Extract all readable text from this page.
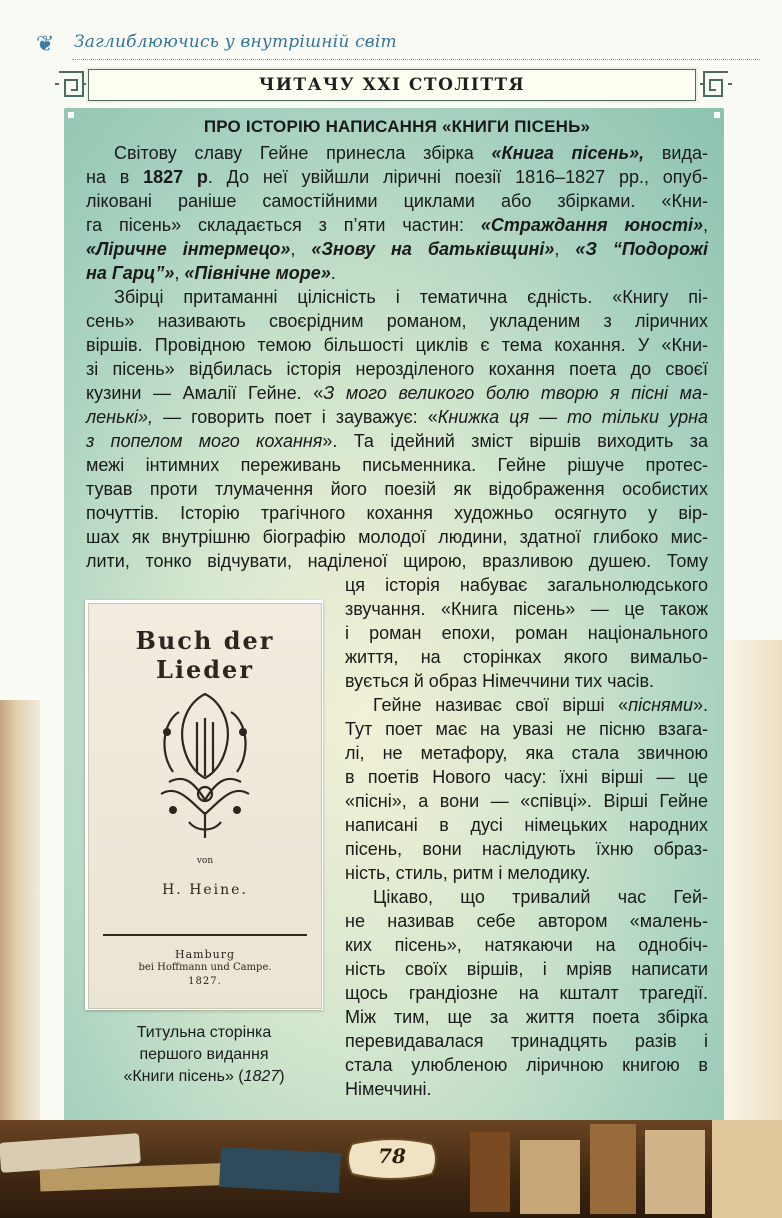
❦ Заглиблюючись у внутрішній світ
ЧИТАЧУ ХХІ СТОЛІТТЯ
ПРО ІСТОРІЮ НАПИСАННЯ «КНИГИ ПІСЕНЬ»
Світову славу Гейне принесла збірка «Книга пісень», вида-
на в 1827 р. До неї увійшли ліричні поезії 1816–1827 рр., опуб-
ліковані раніше самостійними циклами або збірками. «Кни-
га пісень» складається з п’яти частин: «Страждання юності»,
«Ліричне інтермецо», «Знову на батьківщині», «З “Подорожі
на Гарц”», «Північне море».
Збірці притаманні цілісність і тематична єдність. «Книгу пі-
сень» називають своєрідним романом, укладеним з ліричних
віршів. Провідною темою більшості циклів є тема кохання. У «Кни-
зі пісень» відбилась історія нерозділеного кохання поета до своєї
кузини — Амалії Гейне. «З мого великого болю творю я пісні ма-
ленькі», — говорить поет і зауважує: «Книжка ця — то тільки урна
з попелом мого кохання». Та ідейний зміст віршів виходить за
межі інтимних переживань письменника. Гейне рішуче протес-
тував проти тлумачення його поезій як відображення особистих
почуттів. Історію трагічного кохання художньо осягнуто у вір-
шах як внутрішню біографію молодої людини, здатної глибоко мис-
лити, тонко відчувати, наділеної щирою, вразливою душею. Тому
ця історія набуває загальнолюдського
звучання. «Книга пісень» — це також
і роман епохи, роман національного
життя, на сторінках якого вимальо-
вується й образ Німеччини тих часів.
Гейне називає свої вірші «піснями».
Тут поет має на увазі не пісню взага-
лі, не метафору, яка стала звичною
в поетів Нового часу: їхні вірші — це
«пісні», а вони — «співці». Вірші Гейне
написані в дусі німецьких народних
пісень, вони наслідують їхню образ-
ність, стиль, ритм і мелодику.
Цікаво, що тривалий час Гей-
не називав себе автором «малень-
ких пісень», натякаючи на однобіч-
ність своїх віршів, і мріяв написати
щось грандіозне на кшталт трагедії.
Між тим, ще за життя поета збірка
перевидавалася тринадцять разів і
стала улюбленою ліричною книгою в
Німеччині.
Buch der Lieder
von
H. Heine.
Hamburg
bei Hoffmann und Campe.
1827.
Титульна сторінка
першого видання
«Книги пісень» (1827)
78
